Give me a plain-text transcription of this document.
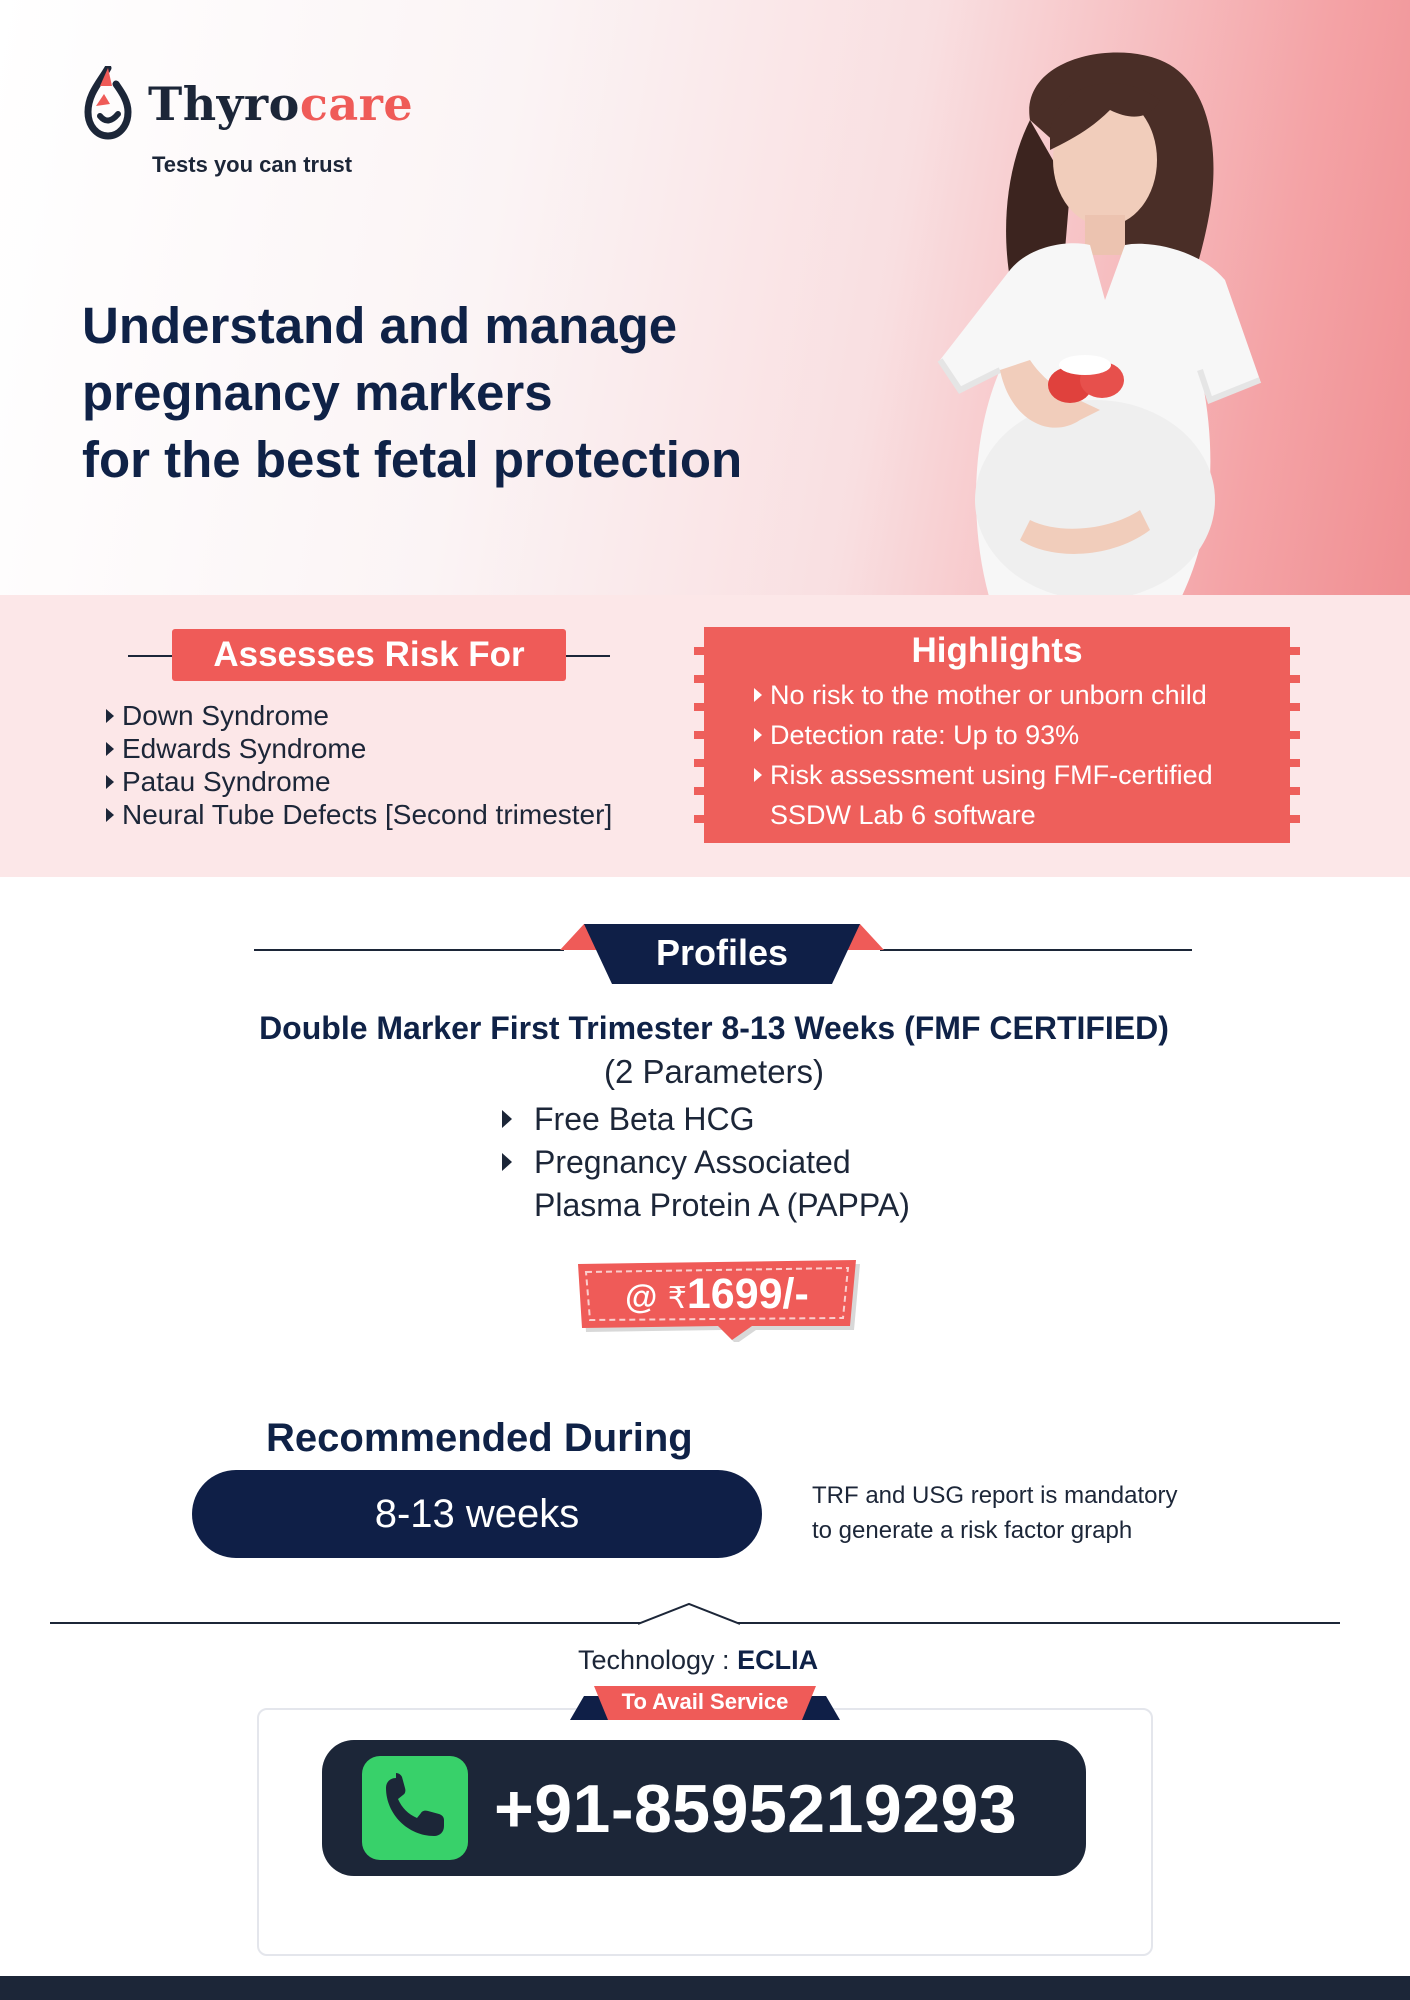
Thyrocare
Tests you can trust
Understand and manage
pregnancy markers
for the best fetal protection
Assesses Risk For
Down Syndrome
Edwards Syndrome
Patau Syndrome
Neural Tube Defects [Second trimester]
Highlights
No risk to the mother or unborn child
Detection rate: Up to 93%
Risk assessment using FMF-certified
SSDW Lab 6 software
Profiles
Double Marker First Trimester 8-13 Weeks (FMF CERTIFIED)
(2 Parameters)
Free Beta HCG
Pregnancy Associated
Plasma Protein A (PAPPA)
@ ₹1699/-
Recommended During
8-13 weeks	TRF and USG report is mandatory
to generate a risk factor graph
Technology : ECLIA
To Avail Service
+91-8595219293
